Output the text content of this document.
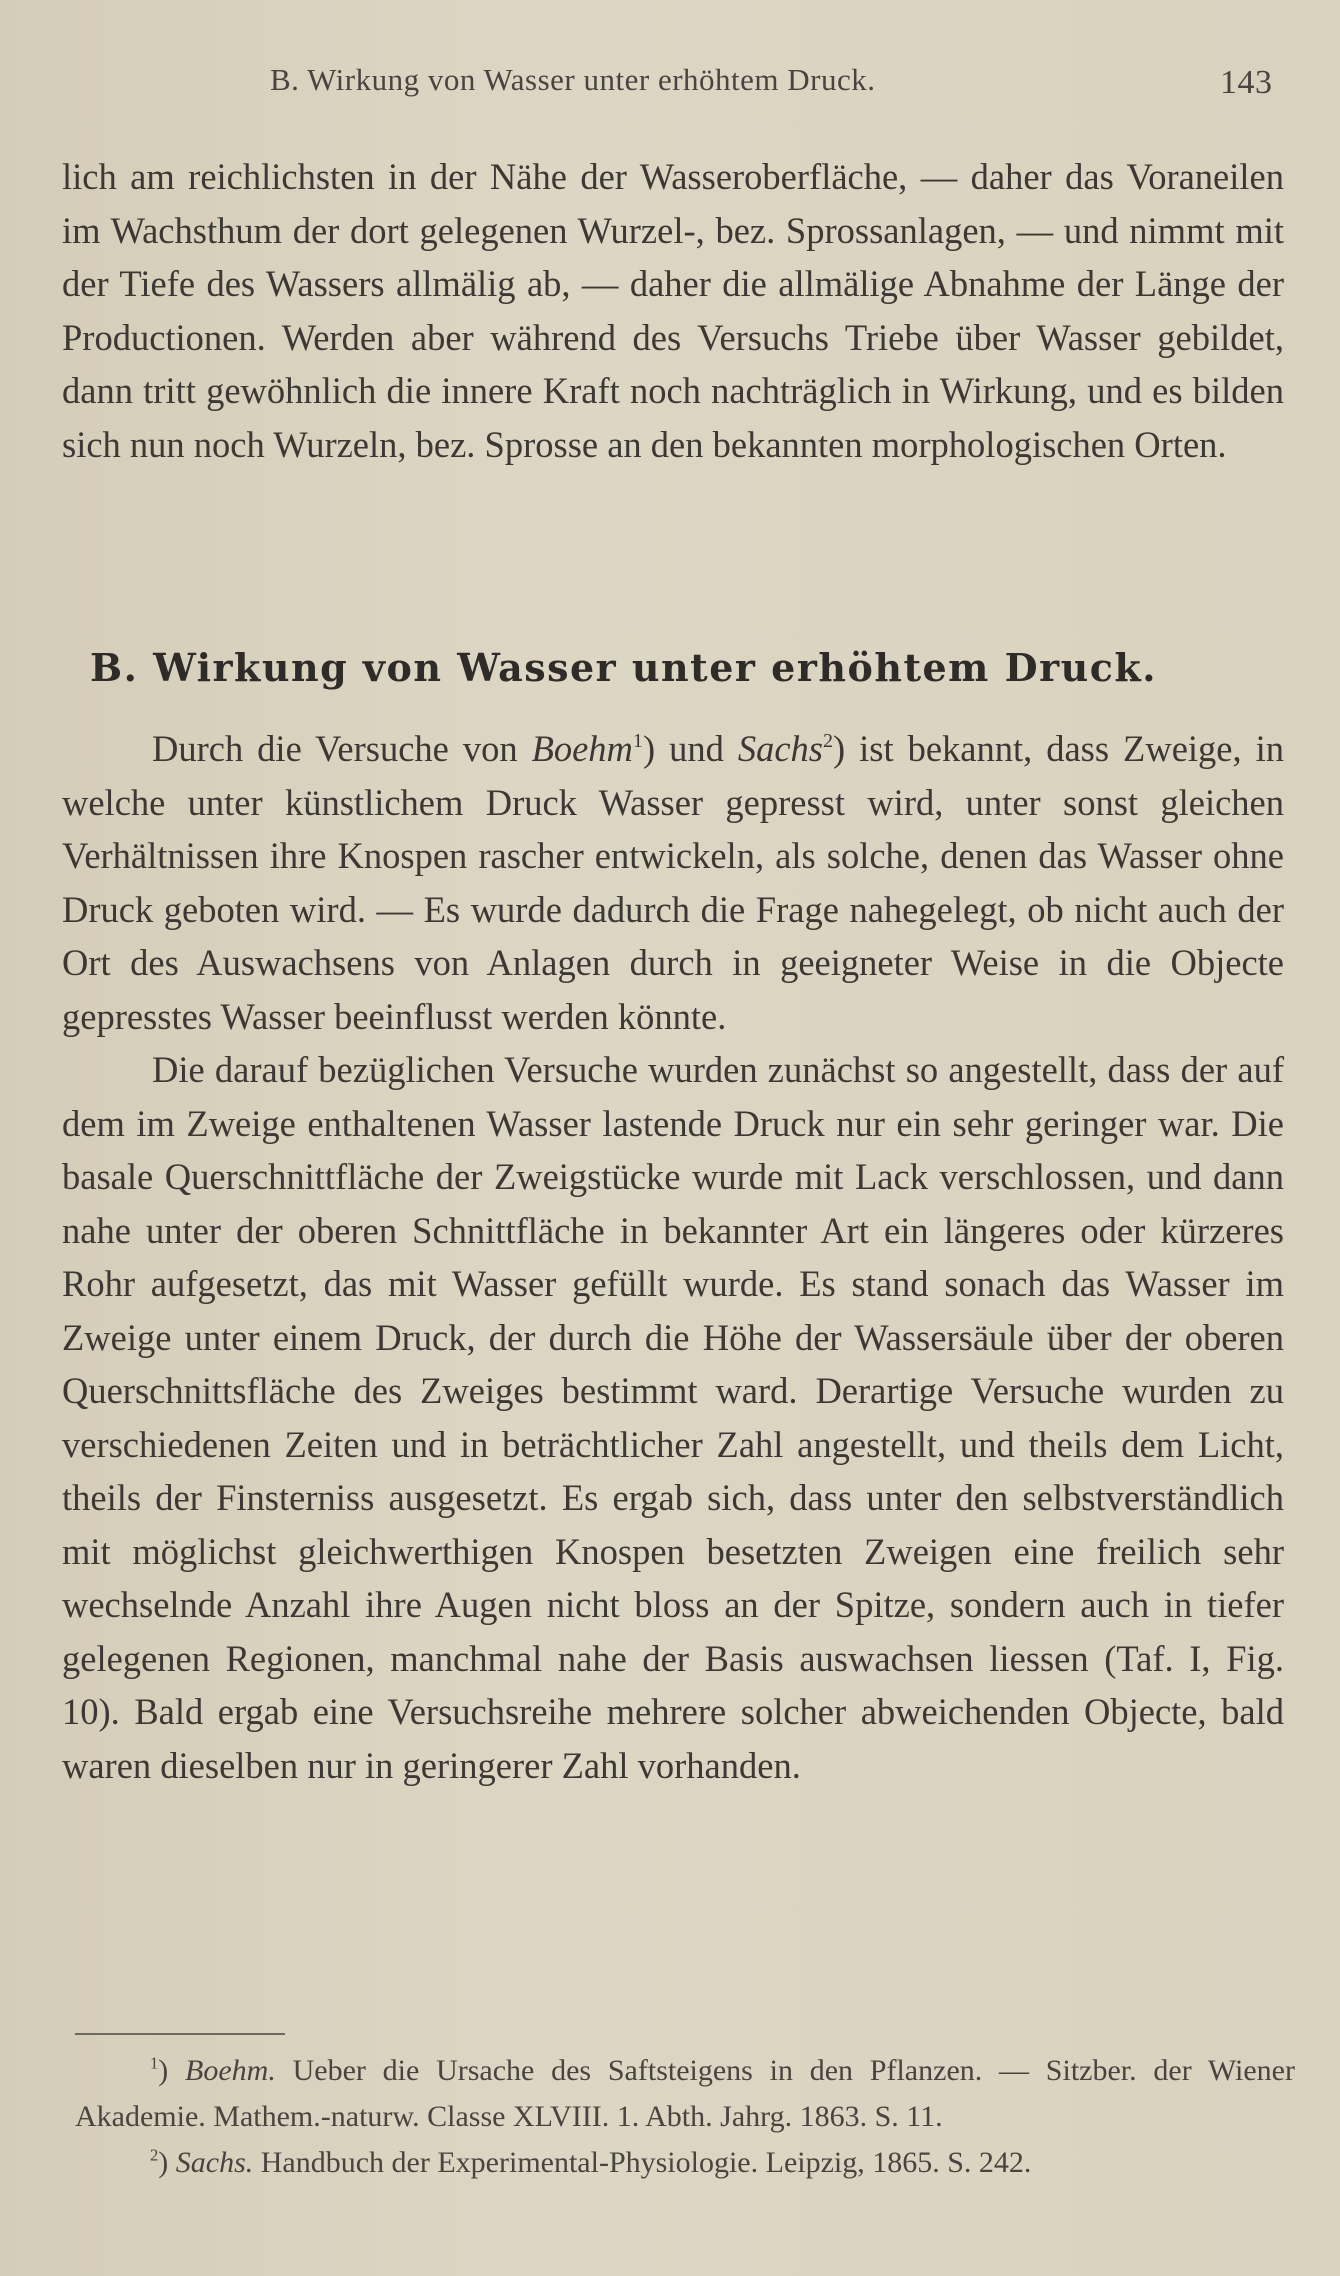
B. Wirkung von Wasser unter erhöhtem Druck.	143

lich am reichlichsten in der Nähe der Wasseroberfläche, — daher das Voraneilen im Wachsthum der dort gelegenen Wurzel-, bez. Sprossanlagen, — und nimmt mit der Tiefe des Wassers allmälig ab, — daher die allmälige Abnahme der Länge der Productionen. Werden aber während des Versuchs Triebe über Wasser gebildet, dann tritt gewöhnlich die innere Kraft noch nachträglich in Wirkung, und es bilden sich nun noch Wurzeln, bez. Sprosse an den bekannten morphologischen Orten.

B. Wirkung von Wasser unter erhöhtem Druck.

Durch die Versuche von Boehm$^1$) und Sachs$^2$) ist bekannt, dass Zweige, in welche unter künstlichem Druck Wasser gepresst wird, unter sonst gleichen Verhältnissen ihre Knospen rascher entwickeln, als solche, denen das Wasser ohne Druck geboten wird. — Es wurde dadurch die Frage nahegelegt, ob nicht auch der Ort des Auswachsens von Anlagen durch in geeigneter Weise in die Objecte gepresstes Wasser beeinflusst werden könnte.

Die darauf bezüglichen Versuche wurden zunächst so angestellt, dass der auf dem im Zweige enthaltenen Wasser lastende Druck nur ein sehr geringer war. Die basale Querschnittfläche der Zweigstücke wurde mit Lack verschlossen, und dann nahe unter der oberen Schnittfläche in bekannter Art ein längeres oder kürzeres Rohr aufgesetzt, das mit Wasser gefüllt wurde. Es stand sonach das Wasser im Zweige unter einem Druck, der durch die Höhe der Wassersäule über der oberen Querschnittsfläche des Zweiges bestimmt ward. Derartige Versuche wurden zu verschiedenen Zeiten und in beträchtlicher Zahl angestellt, und theils dem Licht, theils der Finsterniss ausgesetzt. Es ergab sich, dass unter den selbstverständlich mit möglichst gleichwerthigen Knospen besetzten Zweigen eine freilich sehr wechselnde Anzahl ihre Augen nicht bloss an der Spitze, sondern auch in tiefer gelegenen Regionen, manchmal nahe der Basis auswachsen liessen (Taf. I, Fig. 10). Bald ergab eine Versuchsreihe mehrere solcher abweichenden Objecte, bald waren dieselben nur in geringerer Zahl vorhanden.

$^1$) Boehm. Ueber die Ursache des Saftsteigens in den Pflanzen. — Sitzber. der Wiener Akademie. Mathem.-naturw. Classe XLVIII. 1. Abth. Jahrg. 1863. S. 11.

$^2$) Sachs. Handbuch der Experimental-Physiologie. Leipzig, 1865. S. 242.
